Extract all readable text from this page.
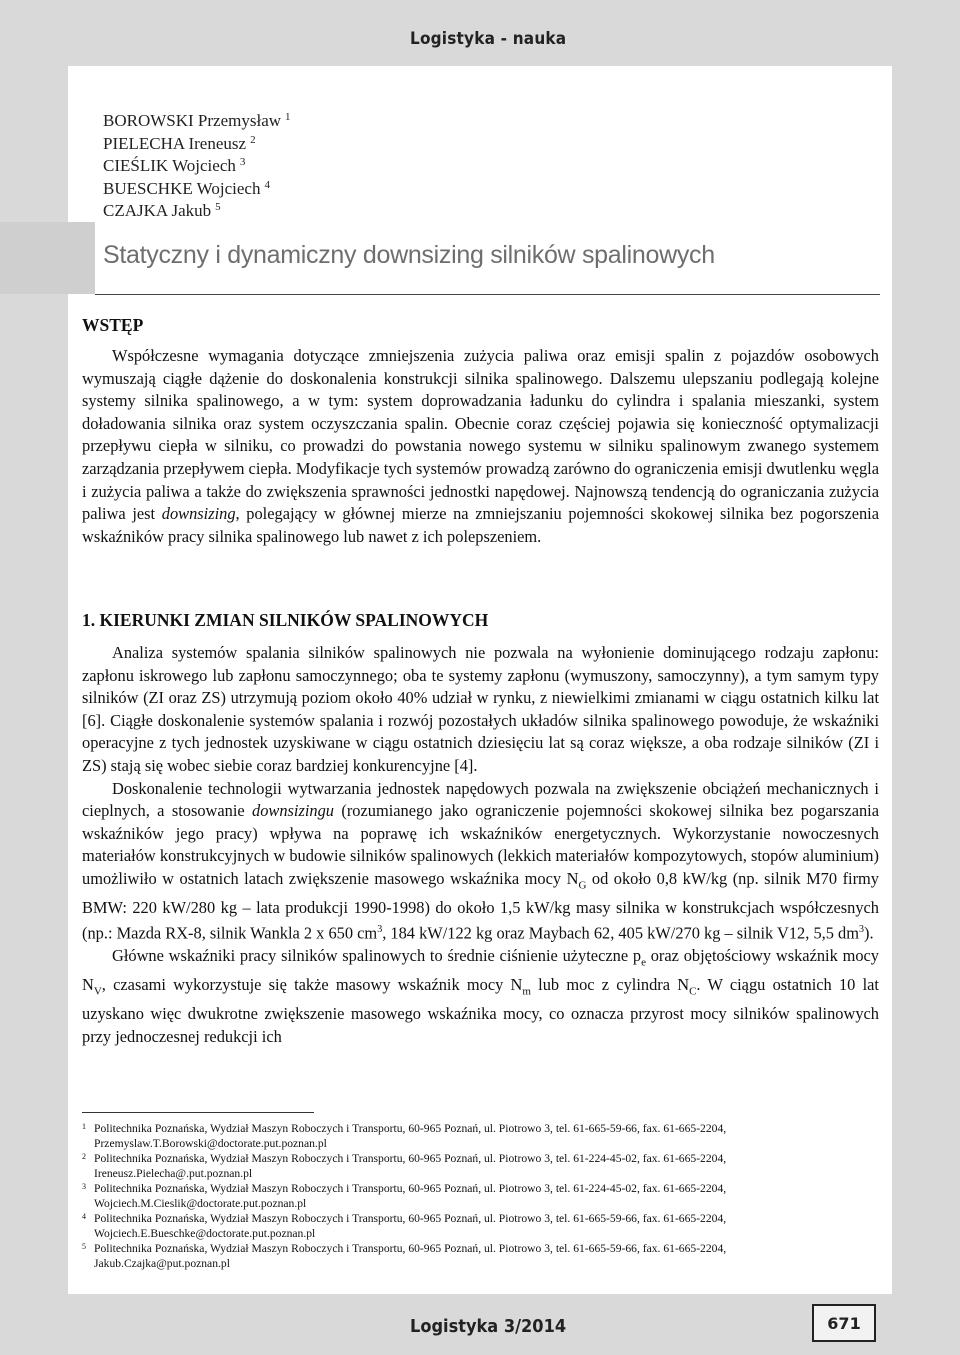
Logistyka - nauka
BOROWSKI Przemysław $^1$
PIELECHA Ireneusz $^2$
CIEŚLIK Wojciech $^3$
BUESCHKE Wojciech $^4$
CZAJKA Jakub $^5$
Statyczny i dynamiczny downsizing silników spalinowych
WSTĘP

Współczesne wymagania dotyczące zmniejszenia zużycia paliwa oraz emisji spalin z pojazdów osobowych wymuszają ciągłe dążenie do doskonalenia konstrukcji silnika spalinowego. Dalszemu ulepszaniu podlegają kolejne systemy silnika spalinowego, a w tym: system doprowadzania ładunku do cylindra i spalania mieszanki, system doładowania silnika oraz system oczyszczania spalin. Obecnie coraz częściej pojawia się konieczność optymalizacji przepływu ciepła w silniku, co prowadzi do powstania nowego systemu w silniku spalinowym zwanego systemem zarządzania przepływem ciepła. Modyfikacje tych systemów prowadzą zarówno do ograniczenia emisji dwutlenku węgla i zużycia paliwa a także do zwiększenia sprawności jednostki napędowej. Najnowszą tendencją do ograniczania zużycia paliwa jest downsizing, polegający w głównej mierze na zmniejszaniu pojemności skokowej silnika bez pogorszenia wskaźników pracy silnika spalinowego lub nawet z ich polepszeniem.

1. KIERUNKI ZMIAN SILNIKÓW SPALINOWYCH

Analiza systemów spalania silników spalinowych nie pozwala na wyłonienie dominującego rodzaju zapłonu: zapłonu iskrowego lub zapłonu samoczynnego; oba te systemy zapłonu (wymuszony, samoczynny), a tym samym typy silników (ZI oraz ZS) utrzymują poziom około 40% udział w rynku, z niewielkimi zmianami w ciągu ostatnich kilku lat [6]. Ciągłe doskonalenie systemów spalania i rozwój pozostałych układów silnika spalinowego powoduje, że wskaźniki operacyjne z tych jednostek uzyskiwane w ciągu ostatnich dziesięciu lat są coraz większe, a oba rodzaje silników (ZI i ZS) stają się wobec siebie coraz bardziej konkurencyjne [4].

Doskonalenie technologii wytwarzania jednostek napędowych pozwala na zwiększenie obciążeń mechanicznych i cieplnych, a stosowanie downsizingu (rozumianego jako ograniczenie pojemności skokowej silnika bez pogarszania wskaźników jego pracy) wpływa na poprawę ich wskaźników energetycznych. Wykorzystanie nowoczesnych materiałów konstrukcyjnych w budowie silników spalinowych (lekkich materiałów kompozytowych, stopów aluminium) umożliwiło w ostatnich latach zwiększenie masowego wskaźnika mocy $N_G$ od około 0,8 kW/kg (np. silnik M70 firmy BMW: 220 kW/280 kg – lata produkcji 1990-1998) do około 1,5 kW/kg masy silnika w konstrukcjach współczesnych (np.: Mazda RX-8, silnik Wankla 2 x 650 $cm^3$, 184 kW/122 kg oraz Maybach 62, 405 kW/270 kg – silnik V12, 5,5 $dm^3$).

Główne wskaźniki pracy silników spalinowych to średnie ciśnienie użyteczne $p_e$ oraz objętościowy wskaźnik mocy $N_V$, czasami wykorzystuje się także masowy wskaźnik mocy $N_m$ lub moc z cylindra $N_C$. W ciągu ostatnich 10 lat uzyskano więc dwukrotne zwiększenie masowego wskaźnika mocy, co oznacza przyrost mocy silników spalinowych przy jednoczesnej redukcji ich

1 Politechnika Poznańska, Wydział Maszyn Roboczych i Transportu, 60-965 Poznań, ul. Piotrowo 3, tel. 61-665-59-66, fax. 61-665-2204, Przemyslaw.T.Borowski@doctorate.put.poznan.pl
2 Politechnika Poznańska, Wydział Maszyn Roboczych i Transportu, 60-965 Poznań, ul. Piotrowo 3, tel. 61-224-45-02, fax. 61-665-2204, Ireneusz.Pielecha@.put.poznan.pl
3 Politechnika Poznańska, Wydział Maszyn Roboczych i Transportu, 60-965 Poznań, ul. Piotrowo 3, tel. 61-224-45-02, fax. 61-665-2204, Wojciech.M.Cieslik@doctorate.put.poznan.pl
4 Politechnika Poznańska, Wydział Maszyn Roboczych i Transportu, 60-965 Poznań, ul. Piotrowo 3, tel. 61-665-59-66, fax. 61-665-2204, Wojciech.E.Bueschke@doctorate.put.poznan.pl
5 Politechnika Poznańska, Wydział Maszyn Roboczych i Transportu, 60-965 Poznań, ul. Piotrowo 3, tel. 61-665-59-66, fax. 61-665-2204, Jakub.Czajka@put.poznan.pl
Logistyka 3/2014	671
